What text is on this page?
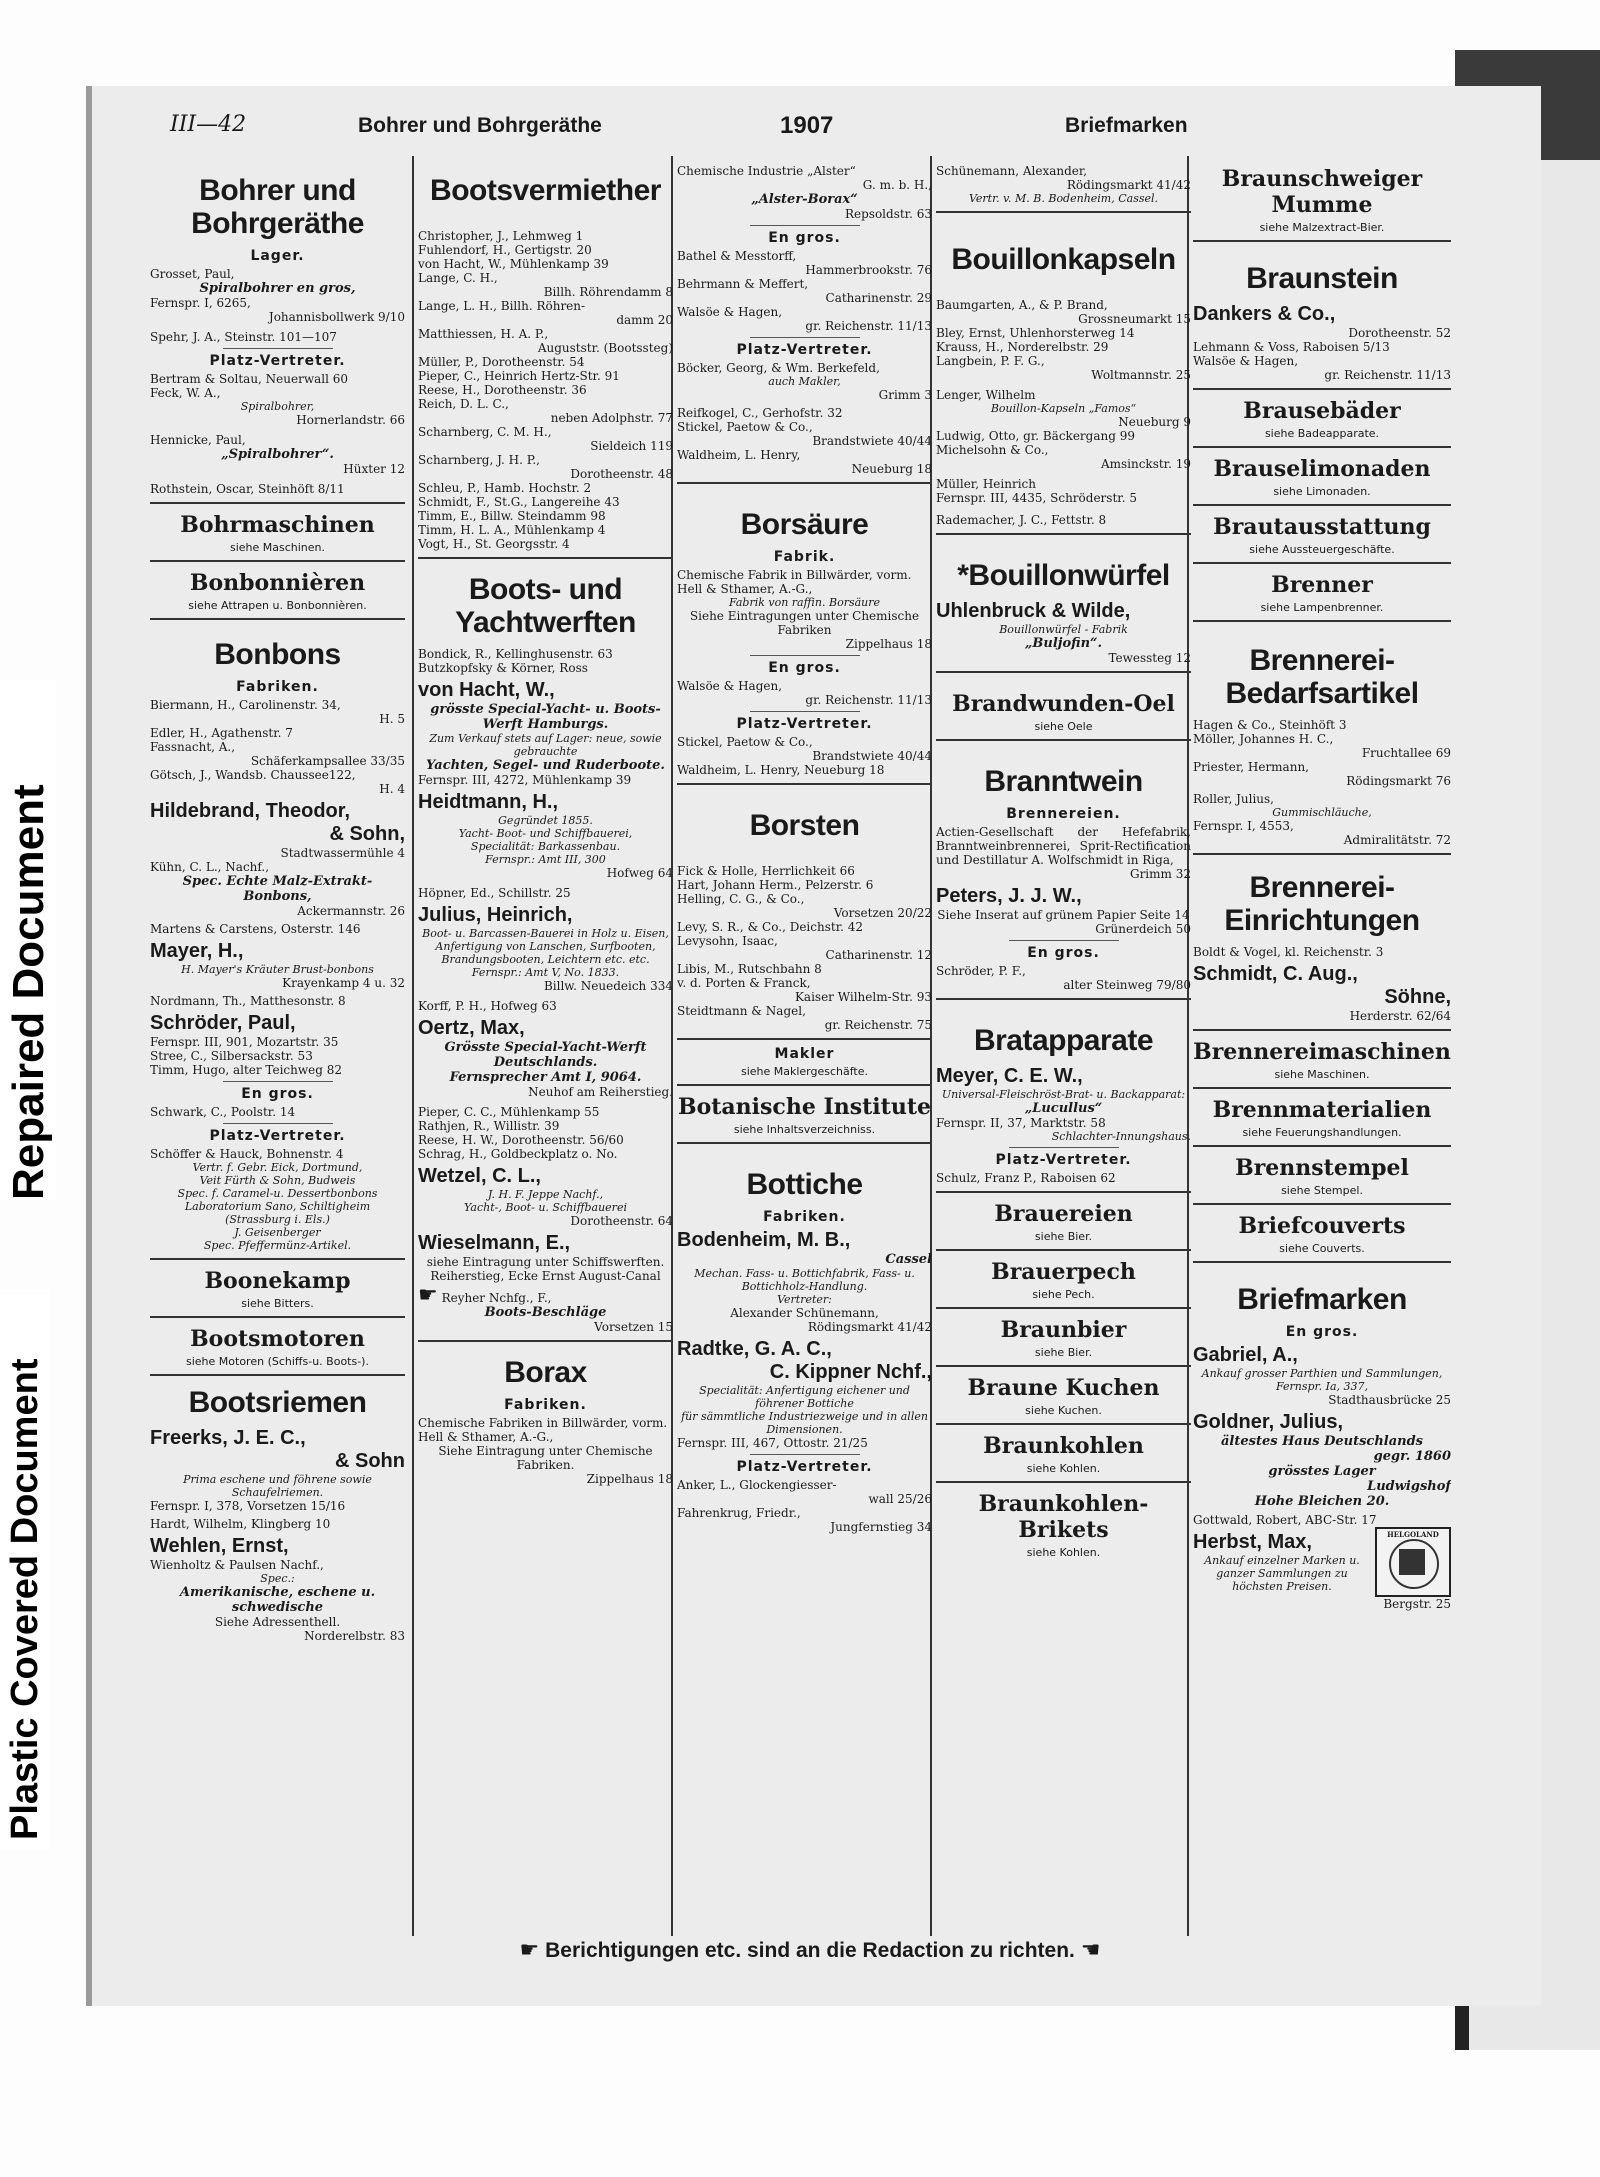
Repaired Document
Plastic Covered Document
III—42	Bohrer und Bohrgeräthe	1907	Briefmarken
Bohrer und Bohrgeräthe
Lager.

Grosset, Paul,

Spiralbohrer en gros,

Fernspr. I, 6265,

Johannisbollwerk 9/10

Spehr, J. A., Steinstr. 101—107

Platz-Vertreter.

Bertram & Soltau, Neuerwall 60

Feck, W. A.,

Spiralbohrer,

Hornerlandstr. 66

Hennicke, Paul,

„Spiralbohrer“.

Hüxter 12

Rothstein, Oscar, Steinhöft 8/11

Bohrmaschinen
siehe Maschinen.
Bonbonnièren
siehe Attrapen u. Bonbonnièren.
Bonbons
Fabriken.

Biermann, H., Carolinenstr. 34,

H. 5

Edler, H., Agathenstr. 7

Fassnacht, A.,

Schäferkampsallee 33/35

Götsch, J., Wandsb. Chaussee122,

H. 4

Hildebrand, Theodor,
& Sohn,

Stadtwassermühle 4

Kühn, C. L., Nachf.,

Spec. Echte Malz-Extrakt-Bonbons,

Ackermannstr. 26

Martens & Carstens, Osterstr. 146

Mayer, H.,

H. Mayer's Kräuter Brust-bonbons

Krayenkamp 4 u. 32

Nordmann, Th., Matthesonstr. 8

Schröder, Paul,

Fernspr. III, 901, Mozartstr. 35

Stree, C., Silbersackstr. 53

Timm, Hugo, alter Teichweg 82

En gros.

Schwark, C., Poolstr. 14

Platz-Vertreter.

Schöffer & Hauck, Bohnenstr. 4

Vertr. f. Gebr. Eick, Dortmund,

Veit Fürth & Sohn, Budweis

Spec. f. Caramel-u. Dessertbonbons

Laboratorium Sano, Schiltigheim

(Strassburg i. Els.)

J. Geisenberger

Spec. Pfeffermünz-Artikel.

Boonekamp
siehe Bitters.
Bootsmotoren
siehe Motoren (Schiffs-u. Boots-).
Bootsriemen
Freerks, J. E. C.,
& Sohn

Prima eschene und föhrene sowie Schaufelriemen.

Fernspr. I, 378, Vorsetzen 15/16

Hardt, Wilhelm, Klingberg 10

Wehlen, Ernst,

Wienholtz & Paulsen Nachf.,

Spec.:

Amerikanische, eschene u. schwedische

Siehe Adressenthell.

Norderelbstr. 83

Bootsvermiether

Christopher, J., Lehmweg 1

Fuhlendorf, H., Gertigstr. 20

von Hacht, W., Mühlenkamp 39

Lange, C. H.,

Billh. Röhrendamm 8

Lange, L. H., Billh. Röhren-

damm 20

Matthiessen, H. A. P.,

Auguststr. (Bootssteg)

Müller, P., Dorotheenstr. 54

Pieper, C., Heinrich Hertz-Str. 91

Reese, H., Dorotheenstr. 36

Reich, D. L. C.,

neben Adolphstr. 77

Scharnberg, C. M. H.,

Sieldeich 119

Scharnberg, J. H. P.,

Dorotheenstr. 48

Schleu, P., Hamb. Hochstr. 2

Schmidt, F., St.G., Langereihe 43

Timm, E., Billw. Steindamm 98

Timm, H. L. A., Mühlenkamp 4

Vogt, H., St. Georgsstr. 4

Boots- und Yachtwerften

Bondick, R., Kellinghusenstr. 63

Butzkopfsky & Körner, Ross

von Hacht, W.,

grösste Special-Yacht- u. Boots-Werft Hamburgs.

Zum Verkauf stets auf Lager: neue, sowie gebrauchte

Yachten, Segel- und Ruderboote.

Fernspr. III, 4272, Mühlenkamp 39

Heidtmann, H.,

Gegründet 1855.

Yacht- Boot- und Schiffbauerei,

Specialität: Barkassenbau.

Fernspr.: Amt III, 300

Hofweg 64

Höpner, Ed., Schillstr. 25

Julius, Heinrich,

Boot- u. Barcassen-Bauerei in Holz u. Eisen,

Anfertigung von Lanschen, Surfbooten,

Brandungsbooten, Leichtern etc. etc.

Fernspr.: Amt V, No. 1833.

Billw. Neuedeich 334

Korff, P. H., Hofweg 63

Oertz, Max,

Grösste Special-Yacht-Werft Deutschlands.

Fernsprecher Amt I, 9064.

Neuhof am Reiherstieg.

Pieper, C. C., Mühlenkamp 55

Rathjen, R., Willistr. 39

Reese, H. W., Dorotheenstr. 56/60

Schrag, H., Goldbeckplatz o. No.

Wetzel, C. L.,

J. H. F. Jeppe Nachf.,

Yacht-, Boot- u. Schiffbauerei

Dorotheenstr. 64

Wieselmann, E.,

siehe Eintragung unter Schiffswerften.

Reiherstieg, Ecke Ernst August-Canal

☛ Reyher Nchfg., F.,

Boots-Beschläge

Vorsetzen 15

Borax
Fabriken.

Chemische Fabriken in Billwärder, vorm. Hell & Sthamer, A.-G.,

Siehe Eintragung unter Chemische Fabriken.

Zippelhaus 18

Chemische Industrie „Alster“

G. m. b. H.,

„Alster-Borax“

Repsoldstr. 63

En gros.

Bathel & Messtorff,

Hammerbrookstr. 76

Behrmann & Meffert,

Catharinenstr. 29

Walsöe & Hagen,

gr. Reichenstr. 11/13

Platz-Vertreter.

Böcker, Georg, & Wm. Berkefeld,

auch Makler,

Grimm 3

Reifkogel, C., Gerhofstr. 32

Stickel, Paetow & Co.,

Brandstwiete 40/44

Waldheim, L. Henry,

Neueburg 18

Borsäure
Fabrik.

Chemische Fabrik in Billwärder, vorm. Hell & Sthamer, A.-G.,

Fabrik von raffin. Borsäure

Siehe Eintragungen unter Chemische Fabriken

Zippelhaus 18

En gros.

Walsöe & Hagen,

gr. Reichenstr. 11/13

Platz-Vertreter.

Stickel, Paetow & Co.,

Brandstwiete 40/44

Waldheim, L. Henry, Neueburg 18

Borsten

Fick & Holle, Herrlichkeit 66

Hart, Johann Herm., Pelzerstr. 6

Helling, C. G., & Co.,

Vorsetzen 20/22

Levy, S. R., & Co., Deichstr. 42

Levysohn, Isaac,

Catharinenstr. 12

Libis, M., Rutschbahn 8

v. d. Porten & Franck,

Kaiser Wilhelm-Str. 93

Steidtmann & Nagel,

gr. Reichenstr. 75

Makler
siehe Maklergeschäfte.
Botanische Institute
siehe Inhaltsverzeichniss.
Bottiche
Fabriken.
Bodenheim, M. B.,

Cassel

Mechan. Fass- u. Bottichfabrik, Fass- u. Bottichholz-Handlung.

Vertreter:

Alexander Schünemann,

Rödingsmarkt 41/42

Radtke, G. A. C.,
C. Kippner Nchf.,

Specialität: Anfertigung eichener und föhrener Bottiche

für sämmtliche Industriezweige und in allen Dimensionen.

Fernspr. III, 467, Ottostr. 21/25

Platz-Vertreter.

Anker, L., Glockengiesser-

wall 25/26

Fahrenkrug, Friedr.,

Jungfernstieg 34

Schünemann, Alexander,

Rödingsmarkt 41/42

Vertr. v. M. B. Bodenheim, Cassel.

Bouillonkapseln

Baumgarten, A., & P. Brand,

Grossneumarkt 15

Bley, Ernst, Uhlenhorsterweg 14

Krauss, H., Norderelbstr. 29

Langbein, P. F. G.,

Woltmannstr. 25

Lenger, Wilhelm

Bouillon-Kapseln „Famos“

Neueburg 9

Ludwig, Otto, gr. Bäckergang 99

Michelsohn & Co.,

Amsinckstr. 19

Müller, Heinrich

Fernspr. III, 4435, Schröderstr. 5

Rademacher, J. C., Fettstr. 8

*Bouillonwürfel
Uhlenbruck & Wilde,

Bouillonwürfel - Fabrik

„Buljofin“.

Tewessteg 12

Brandwunden-Oel
siehe Oele
Branntwein
Brennereien.

Actien-Gesellschaft der Hefefabrik, Branntweinbrennerei, Sprit-Rectification und Destillatur A. Wolfschmidt in Riga,

Grimm 32

Peters, J. J. W.,

Siehe Inserat auf grünem Papier Seite 14

Grünerdeich 50

En gros.

Schröder, P. F.,

alter Steinweg 79/80

Bratapparate
Meyer, C. E. W.,

Universal-Fleischröst-Brat- u. Backapparat:

„Lucullus“

Fernspr. II, 37, Marktstr. 58

Schlachter-Innungshaus.

Platz-Vertreter.

Schulz, Franz P., Raboisen 62

Brauereien
siehe Bier.
Brauerpech
siehe Pech.
Braunbier
siehe Bier.
Braune Kuchen
siehe Kuchen.
Braunkohlen
siehe Kohlen.
Braunkohlen-Brikets
siehe Kohlen.
Braunschweiger Mumme
siehe Malzextract-Bier.
Braunstein
Dankers & Co.,

Dorotheenstr. 52

Lehmann & Voss, Raboisen 5/13

Walsöe & Hagen,

gr. Reichenstr. 11/13

Brausebäder
siehe Badeapparate.
Brauselimonaden
siehe Limonaden.
Brautausstattung
siehe Aussteuergeschäfte.
Brenner
siehe Lampenbrenner.
Brennerei-Bedarfsartikel

Hagen & Co., Steinhöft 3

Möller, Johannes H. C.,

Fruchtallee 69

Priester, Hermann,

Rödingsmarkt 76

Roller, Julius,

Gummischläuche,

Fernspr. I, 4553,

Admiralitätstr. 72

Brennerei-Einrichtungen

Boldt & Vogel, kl. Reichenstr. 3

Schmidt, C. Aug.,
Söhne,

Herderstr. 62/64

Brennereimaschinen
siehe Maschinen.
Brennmaterialien
siehe Feuerungshandlungen.
Brennstempel
siehe Stempel.
Briefcouverts
siehe Couverts.
Briefmarken
En gros.
Gabriel, A.,

Ankauf grosser Parthien und Sammlungen,

Fernspr. Ia, 337,

Stadthausbrücke 25

Goldner, Julius,

ältestes Haus Deutschlands

gegr. 1860

grösstes Lager

Ludwigshof

Hohe Bleichen 20.

Gottwald, Robert, ABC-Str. 17

HELGOLAND
Herbst, Max,

Ankauf einzelner Marken u. ganzer Sammlungen zu höchsten Preisen.

Bergstr. 25

☛ Berichtigungen etc. sind an die Redaction zu richten. ☚
